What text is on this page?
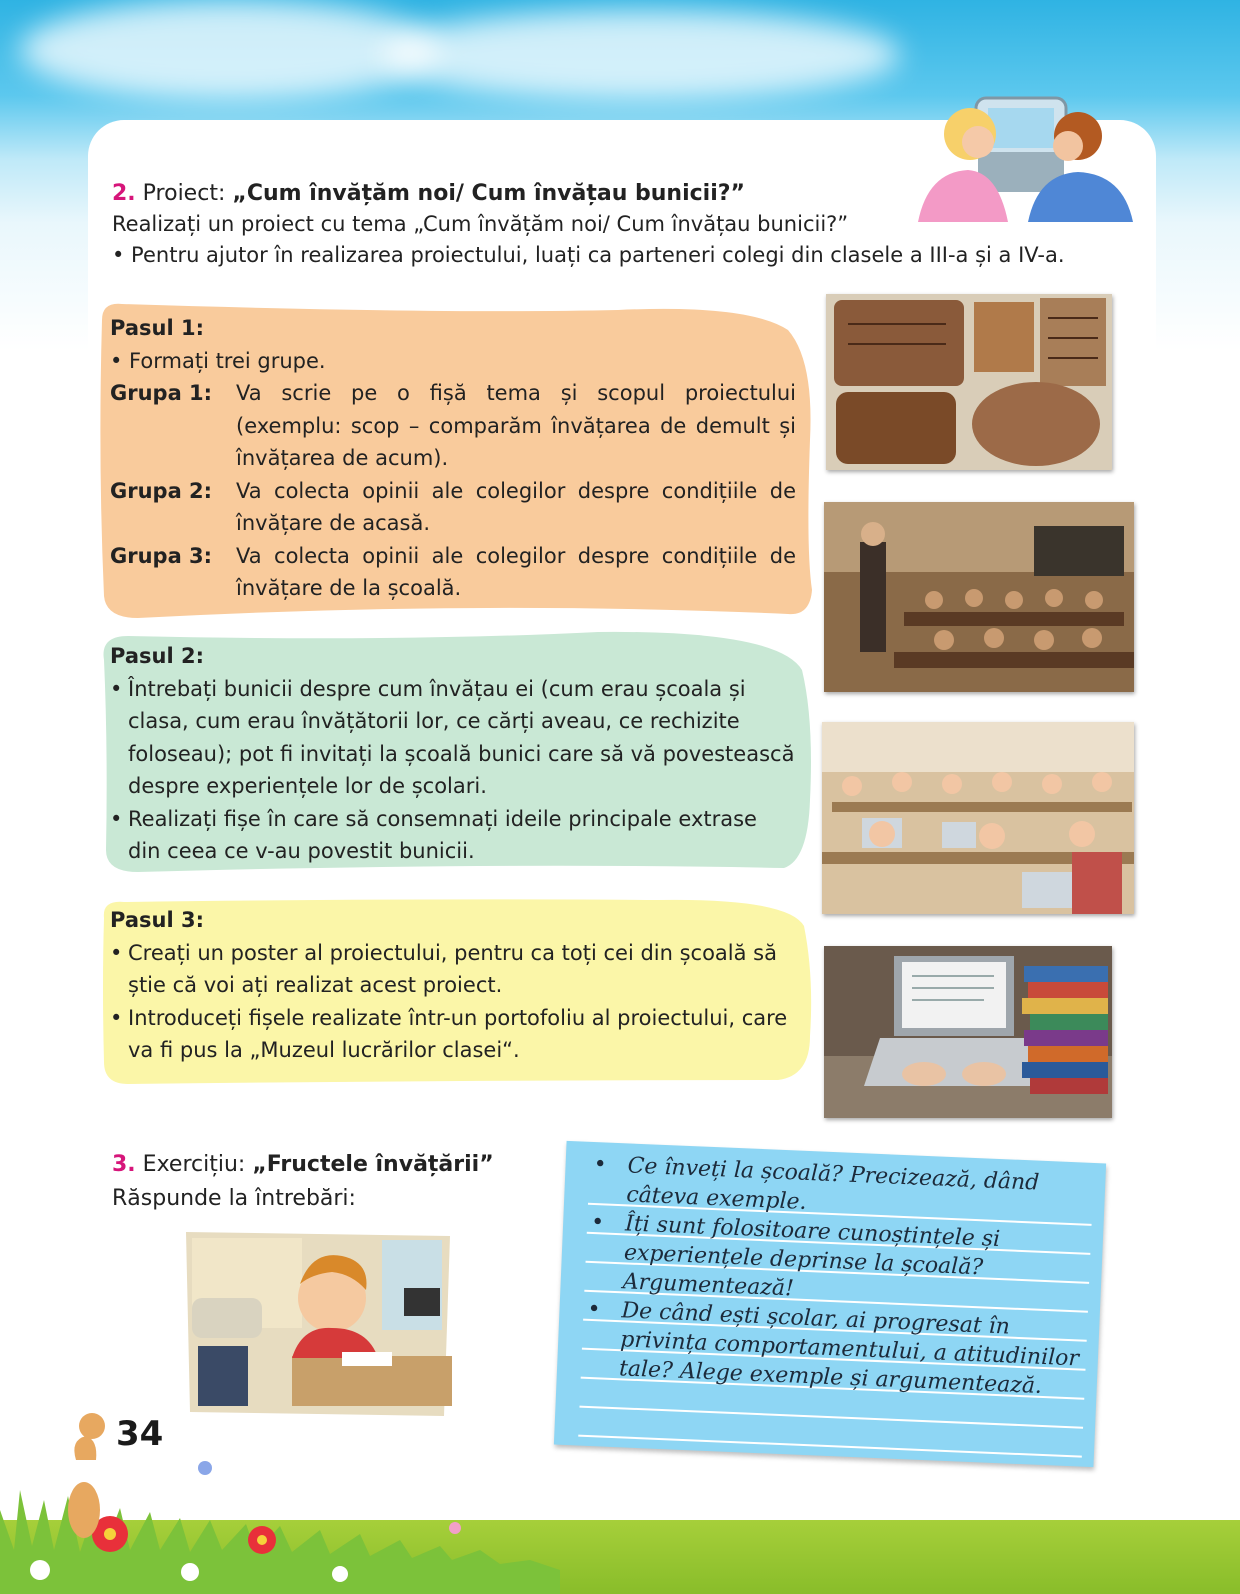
2. Proiect: „Cum învățăm noi/ Cum învățau bunicii?”
Realizați un proiect cu tema „Cum învățăm noi/ Cum învățau bunicii?”
• Pentru ajutor în realizarea proiectului, luați ca parteneri colegi din clasele a III-a și a IV-a.
Pasul 1:
• Formați trei grupe.
Grupa 1:	Va scrie pe o fișă tema și scopul proiectului (exemplu: scop – comparăm învățarea de demult și învățarea de acum).
Grupa 2:	Va colecta opinii ale colegilor despre condițiile de învățare de acasă.
Grupa 3:	Va colecta opinii ale colegilor despre condițiile de învățare de la școală.
Pasul 2:
• Întrebați bunicii despre cum învățau ei (cum erau școala și clasa, cum erau învățătorii lor, ce cărți aveau, ce rechizite foloseau); pot fi invitați la școală bunici care să vă povestească despre experiențele lor de școlari.
• Realizați fișe în care să consemnați ideile principale extrase din ceea ce v-au povestit bunicii.
Pasul 3:
• Creați un poster al proiectului, pentru ca toți cei din școală să știe că voi ați realizat acest proiect.
• Introduceți fișele realizate într-un portofoliu al proiectului, care va fi pus la „Muzeul lucrărilor clasei“.
3. Exercițiu: „Fructele învățării”
Răspunde la întrebări:
• Ce înveți la școală? Precizează, dând câteva exemple.
• Îți sunt folositoare cunoștințele și experiențele deprinse la școală? Argumentează!
• De când ești școlar, ai progresat în privința comportamentului, a atitudinilor tale? Alege exemple și argumentează.
34
